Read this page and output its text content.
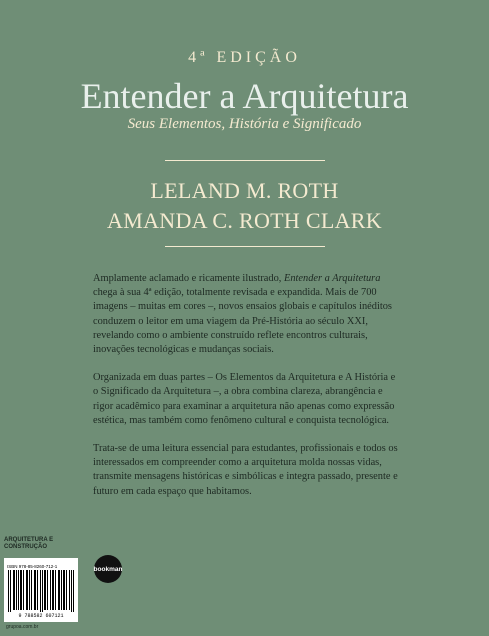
4ª EDIÇÃO
Entender a Arquitetura
Seus Elementos, História e Significado
LELAND M. ROTH
AMANDA C. ROTH CLARK

Amplamente aclamado e ricamente ilustrado, Entender a Arquitetura chega à sua 4ª edição, totalmente revisada e expandida. Mais de 700 imagens – muitas em cores –, novos ensaios globais e capítulos inéditos conduzem o leitor em uma viagem da Pré-História ao século XXI, revelando como o ambiente construído reflete encontros culturais, inovações tecnológicas e mudanças sociais.

Organizada em duas partes – Os Elementos da Arquitetura e A História e o Significado da Arquitetura –, a obra combina clareza, abrangência e rigor acadêmico para examinar a arquitetura não apenas como expressão estética, mas também como fenômeno cultural e conquista tecnológica.

Trata-se de uma leitura essencial para estudantes, profissionais e todos os interessados em compreender como a arquitetura molda nossas vidas, transmite mensagens históricas e simbólicas e integra passado, presente e futuro em cada espaço que habitamos.

ARQUITETURA E
CONSTRUÇÃO
ISBN 978-85-8260-712-1
9 788582 607121
grupoa.com.br
bookman
